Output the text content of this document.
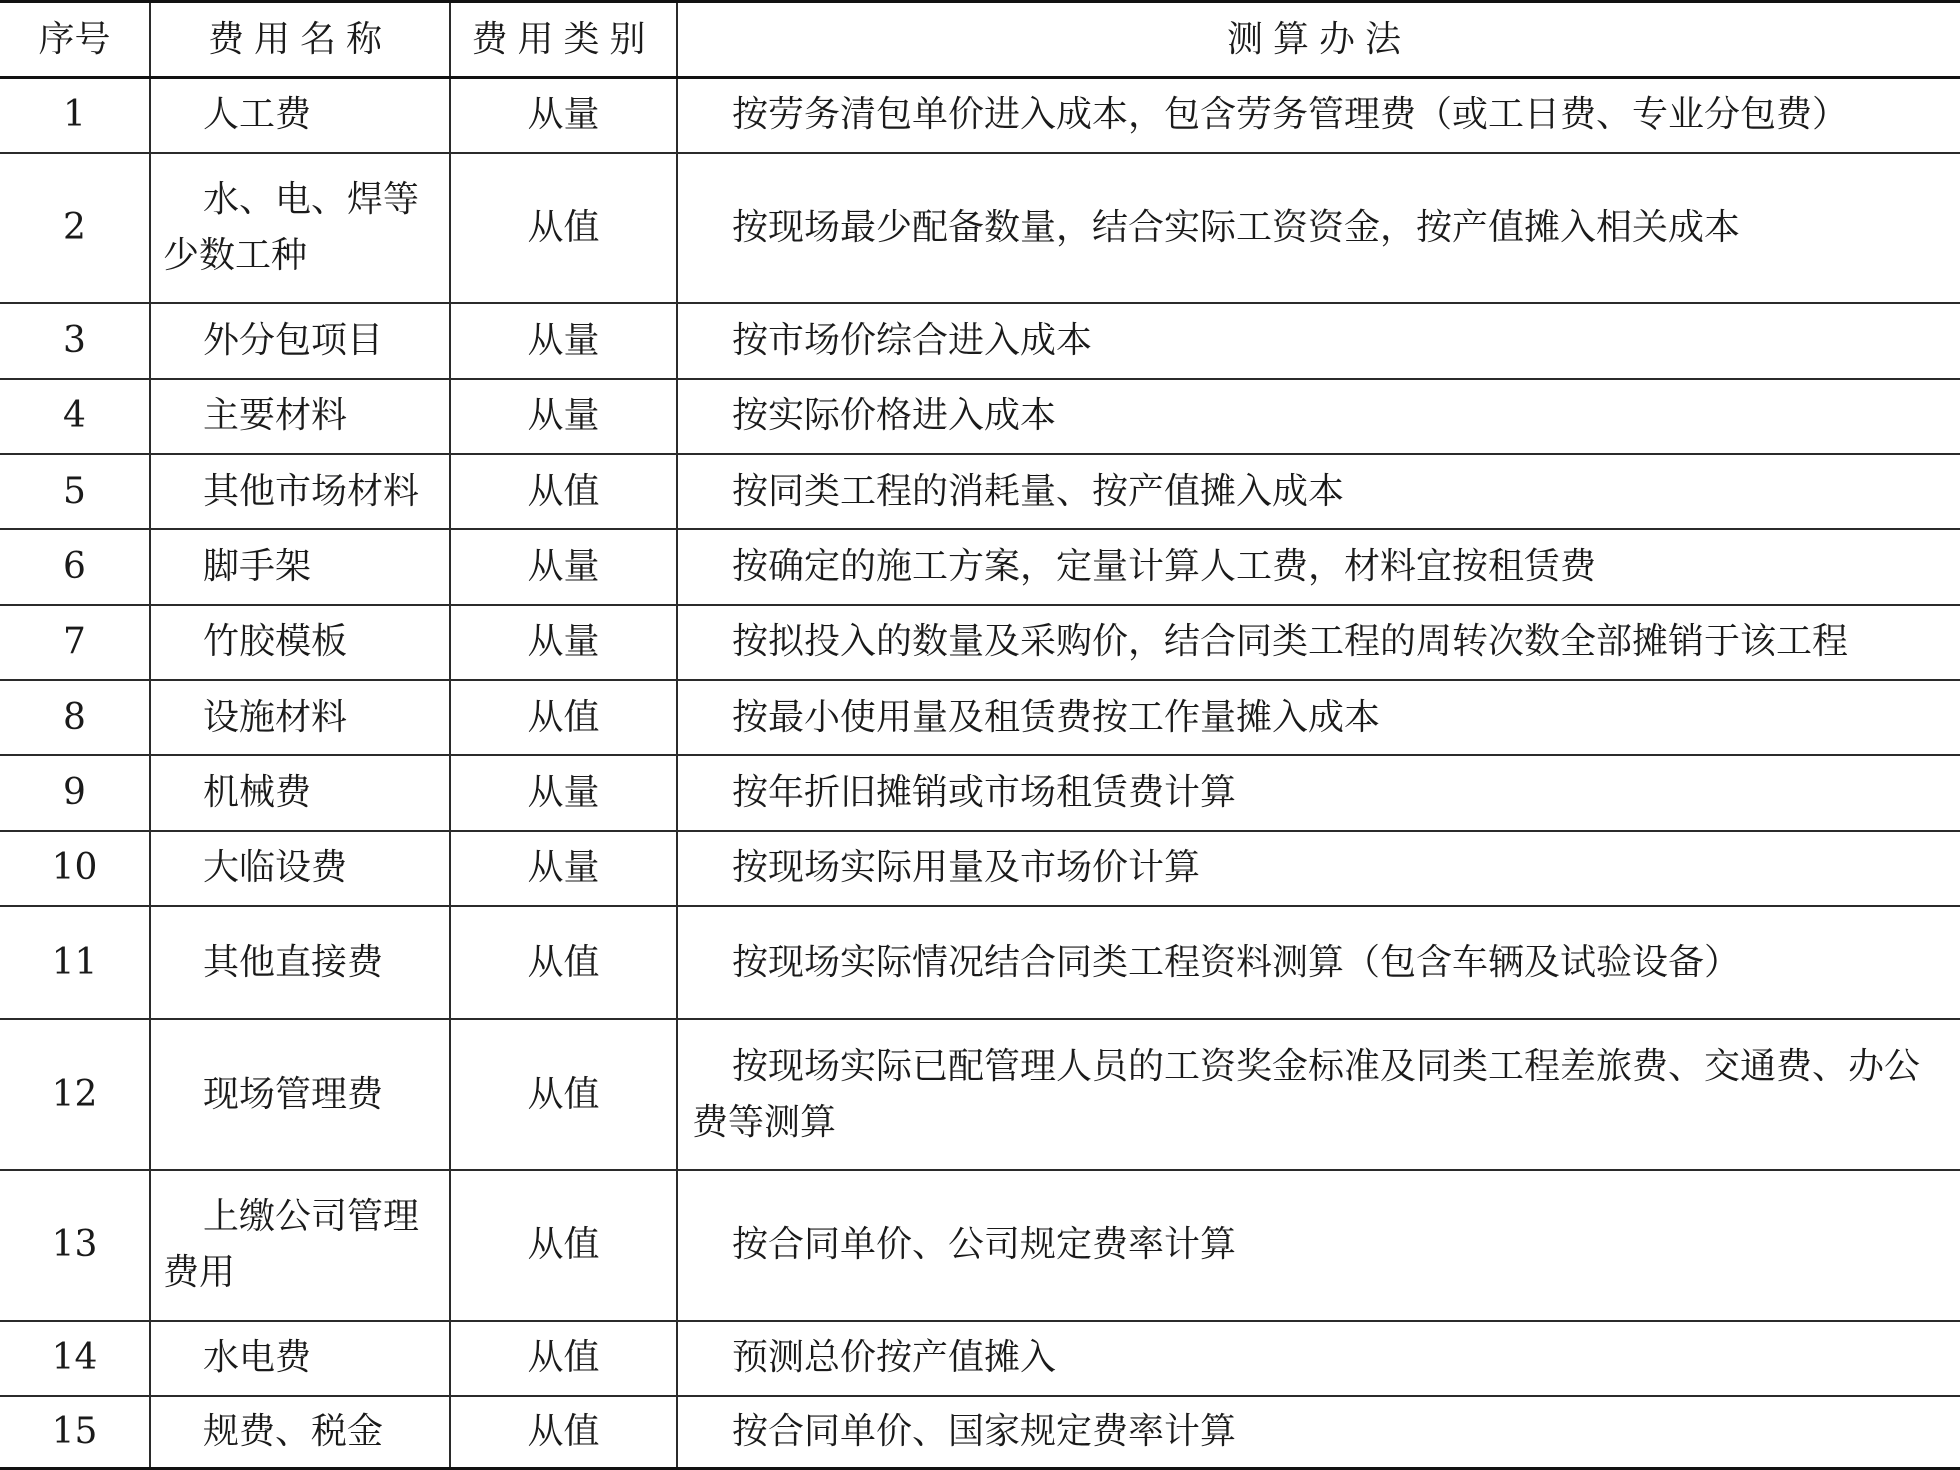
序号	费用名称	费用类别	测算办法
1	人工费	从量	按劳务清包单价进入成本，包含劳务管理费（或工日费、专业分包费）
2	水、电、焊等少数工种	从值	按现场最少配备数量，结合实际工资资金，按产值摊入相关成本
3	外分包项目	从量	按市场价综合进入成本
4	主要材料	从量	按实际价格进入成本
5	其他市场材料	从值	按同类工程的消耗量、按产值摊入成本
6	脚手架	从量	按确定的施工方案，定量计算人工费，材料宜按租赁费
7	竹胶模板	从量	按拟投入的数量及采购价，结合同类工程的周转次数全部摊销于该工程
8	设施材料	从值	按最小使用量及租赁费按工作量摊入成本
9	机械费	从量	按年折旧摊销或市场租赁费计算
10	大临设费	从量	按现场实际用量及市场价计算
11	其他直接费	从值	按现场实际情况结合同类工程资料测算（包含车辆及试验设备）
12	现场管理费	从值	按现场实际已配管理人员的工资奖金标准及同类工程差旅费、交通费、办公费等测算
13	上缴公司管理费用	从值	按合同单价、公司规定费率计算
14	水电费	从值	预测总价按产值摊入
15	规费、税金	从值	按合同单价、国家规定费率计算
